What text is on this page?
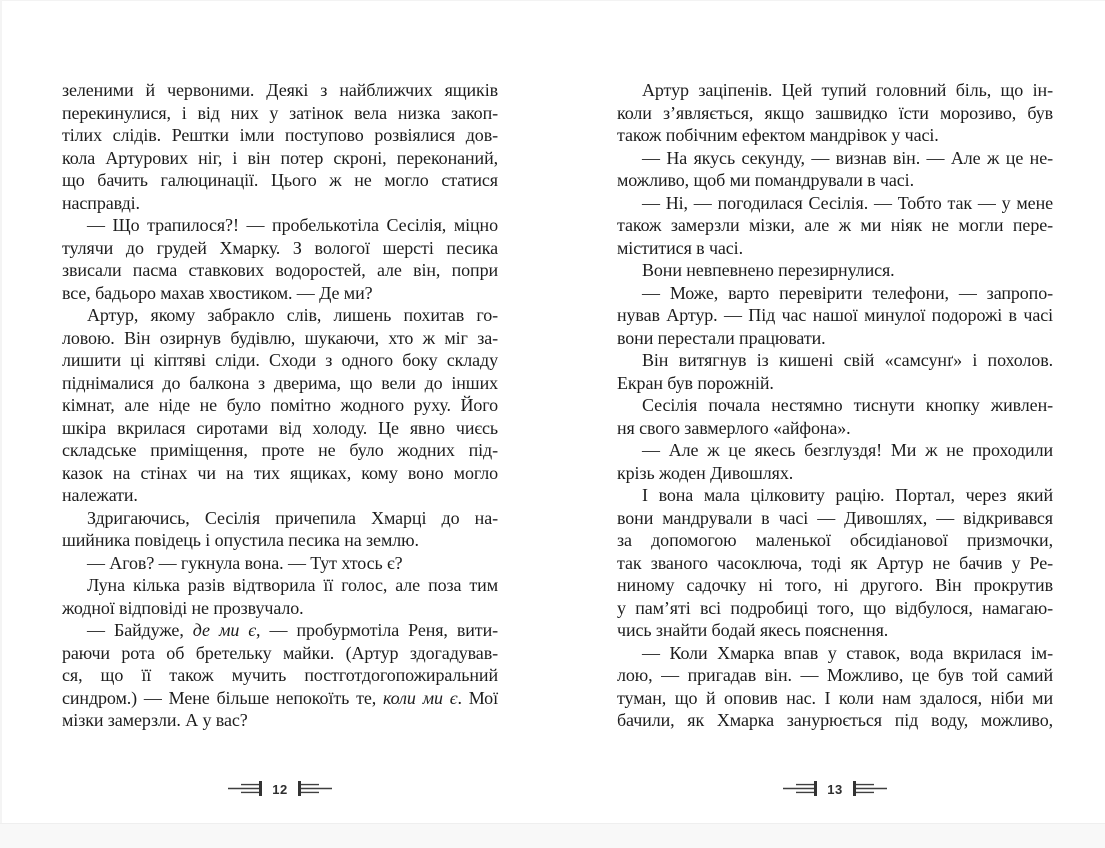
зеленими й червоними. Деякі з найближчих ящиків
перекинулися, і від них у затінок вела низка закоп-
тілих слідів. Рештки імли поступово розвіялися дов-
кола Артурових ніг, і він потер скроні, переконаний,
що бачить галюцинації. Цього ж не могло статися
насправді.
— Що трапилося?! — пробелькотіла Сесілія, міцно
тулячи до грудей Хмарку. З вологої шерсті песика
звисали пасма ставкових водоростей, але він, попри
все, бадьоро махав хвостиком. — Де ми?
Артур, якому забракло слів, лишень похитав го-
ловою. Він озирнув будівлю, шукаючи, хто ж міг за-
лишити ці кіптяві сліди. Сходи з одного боку складу
піднімалися до балкона з дверима, що вели до інших
кімнат, але ніде не було помітно жодного руху. Його
шкіра вкрилася сиротами від холоду. Це явно чиєсь
складське приміщення, проте не було жодних під-
казок на стінах чи на тих ящиках, кому воно могло
належати.
Здригаючись, Сесілія причепила Хмарці до на-
шийника повідець і опустила песика на землю.
— Агов? — гукнула вона. — Тут хтось є?
Луна кілька разів відтворила її голос, але поза тим
жодної відповіді не прозвучало.
— Байдуже, де ми є, — пробурмотіла Реня, вити-
раючи рота об бретельку майки. (Артур здогадував-
ся, що її також мучить постготдогопожиральний
синдром.) — Мене більше непокоїть те, коли ми є. Мої
мізки замерзли. А у вас?
Артур заціпенів. Цей тупий головний біль, що ін-
коли з’являється, якщо зашвидко їсти морозиво, був
також побічним ефектом мандрівок у часі.
— На якусь секунду, — визнав він. — Але ж це не-
можливо, щоб ми помандрували в часі.
— Ні, — погодилася Сесілія. — Тобто так — у мене
також замерзли мізки, але ж ми ніяк не могли пере-
міститися в часі.
Вони невпевнено перезирнулися.
— Може, варто перевірити телефони, — запропо-
нував Артур. — Під час нашої минулої подорожі в часі
вони перестали працювати.
Він витягнув із кишені свій «самсунґ» і похолов.
Екран був порожній.
Сесілія почала нестямно тиснути кнопку живлен-
ня свого завмерлого «айфона».
— Але ж це якесь безглуздя! Ми ж не проходили
крізь жоден Дивошлях.
І вона мала цілковиту рацію. Портал, через який
вони мандрували в часі — Дивошлях, — відкривався
за допомогою маленької обсидіанової призмочки,
так званого часоключа, тоді як Артур не бачив у Ре-
ниному садочку ні того, ні другого. Він прокрутив
у пам’яті всі подробиці того, що відбулося, намагаю-
чись знайти бодай якесь пояснення.
— Коли Хмарка впав у ставок, вода вкрилася ім-
лою, — пригадав він. — Можливо, це був той самий
туман, що й оповив нас. І коли нам здалося, ніби ми
бачили, як Хмарка занурюється під воду, можливо,
12	13
